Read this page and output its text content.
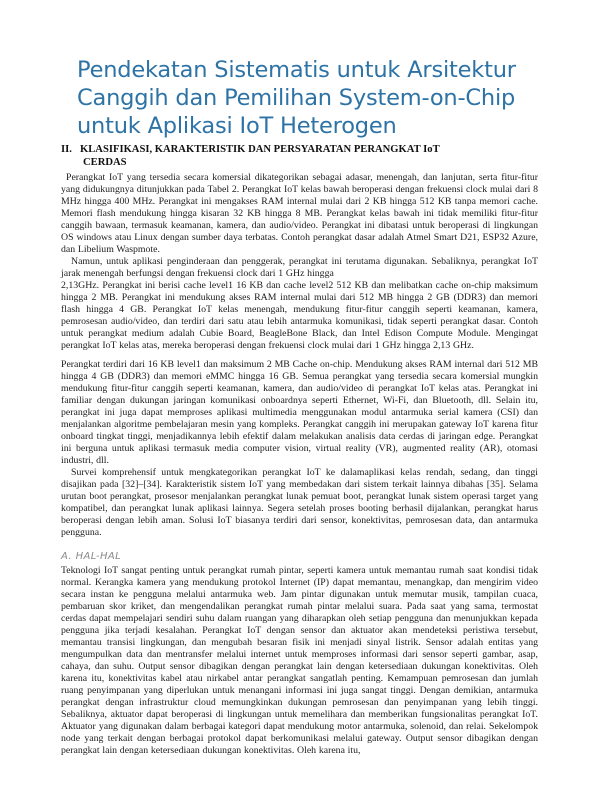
Pendekatan Sistematis untuk Arsitektur
Canggih dan Pemilihan System-on-Chip
untuk Aplikasi IoT Heterogen
II. KLASIFIKASI, KARAKTERISTIK DAN PERSYARATAN PERANGKAT IoT
CERDAS

Perangkat IoT yang tersedia secara komersial dikategorikan sebagai adasar, menengah, dan lanjutan, serta fitur-fitur yang didukungnya ditunjukkan pada Tabel 2. Perangkat IoT kelas bawah beroperasi dengan frekuensi clock mulai dari 8 MHz hingga 400 MHz. Perangkat ini mengakses RAM internal mulai dari 2 KB hingga 512 KB tanpa memori cache. Memori flash mendukung hingga kisaran 32 KB hingga 8 MB. Perangkat kelas bawah ini tidak memiliki fitur-fitur canggih bawaan, termasuk keamanan, kamera, dan audio/video. Perangkat ini dibatasi untuk beroperasi di lingkungan OS windows atau Linux dengan sumber daya terbatas. Contoh perangkat dasar adalah Atmel Smart D21, ESP32 Azure, dan Libelium Waspmote.

Namun, untuk aplikasi penginderaan dan penggerak, perangkat ini terutama digunakan. Sebaliknya, perangkat IoT jarak menengah berfungsi dengan frekuensi clock dari 1 GHz hingga

2,13GHz. Perangkat ini berisi cache level1 16 KB dan cache level2 512 KB dan melibatkan cache on-chip maksimum hingga 2 MB. Perangkat ini mendukung akses RAM internal mulai dari 512 MB hingga 2 GB (DDR3) dan memori flash hingga 4 GB. Perangkat IoT kelas menengah, mendukung fitur-fitur canggih seperti keamanan, kamera, pemrosesan audio/video, dan terdiri dari satu atau lebih antarmuka komunikasi, tidak seperti perangkat dasar. Contoh untuk perangkat medium adalah Cubie Board, BeagleBone Black, dan Intel Edison Compute Module. Mengingat perangkat IoT kelas atas, mereka beroperasi dengan frekuensi clock mulai dari 1 GHz hingga 2,13 GHz.

Perangkat terdiri dari 16 KB level1 dan maksimum 2 MB Cache on-chip. Mendukung akses RAM internal dari 512 MB hingga 4 GB (DDR3) dan memori eMMC hingga 16 GB. Semua perangkat yang tersedia secara komersial mungkin mendukung fitur-fitur canggih seperti keamanan, kamera, dan audio/video di perangkat IoT kelas atas. Perangkat ini familiar dengan dukungan jaringan komunikasi onboardnya seperti Ethernet, Wi-Fi, dan Bluetooth, dll. Selain itu, perangkat ini juga dapat memproses aplikasi multimedia menggunakan modul antarmuka serial kamera (CSI) dan menjalankan algoritme pembelajaran mesin yang kompleks. Perangkat canggih ini merupakan gateway IoT karena fitur onboard tingkat tinggi, menjadikannya lebih efektif dalam melakukan analisis data cerdas di jaringan edge. Perangkat ini berguna untuk aplikasi termasuk media computer vision, virtual reality (VR), augmented reality (AR), otomasi industri, dll.

Survei komprehensif untuk mengkategorikan perangkat IoT ke dalamaplikasi kelas rendah, sedang, dan tinggi disajikan pada [32]–[34]. Karakteristik sistem IoT yang membedakan dari sistem terkait lainnya dibahas [35]. Selama urutan boot perangkat, prosesor menjalankan perangkat lunak pemuat boot, perangkat lunak sistem operasi target yang kompatibel, dan perangkat lunak aplikasi lainnya. Segera setelah proses booting berhasil dijalankan, perangkat harus beroperasi dengan lebih aman. Solusi IoT biasanya terdiri dari sensor, konektivitas, pemrosesan data, dan antarmuka pengguna.

A. HAL-HAL

Teknologi IoT sangat penting untuk perangkat rumah pintar, seperti kamera untuk memantau rumah saat kondisi tidak normal. Kerangka kamera yang mendukung protokol Internet (IP) dapat memantau, menangkap, dan mengirim video secara instan ke pengguna melalui antarmuka web. Jam pintar digunakan untuk memutar musik, tampilan cuaca, pembaruan skor kriket, dan mengendalikan perangkat rumah pintar melalui suara. Pada saat yang sama, termostat cerdas dapat mempelajari sendiri suhu dalam ruangan yang diharapkan oleh setiap pengguna dan menunjukkan kepada pengguna jika terjadi kesalahan. Perangkat IoT dengan sensor dan aktuator akan mendeteksi peristiwa tersebut, memantau transisi lingkungan, dan mengubah besaran fisik ini menjadi sinyal listrik. Sensor adalah entitas yang mengumpulkan data dan mentransfer melalui internet untuk memproses informasi dari sensor seperti gambar, asap, cahaya, dan suhu. Output sensor dibagikan dengan perangkat lain dengan ketersediaan dukungan konektivitas. Oleh karena itu, konektivitas kabel atau nirkabel antar perangkat sangatlah penting. Kemampuan pemrosesan dan jumlah ruang penyimpanan yang diperlukan untuk menangani informasi ini juga sangat tinggi. Dengan demikian, antarmuka perangkat dengan infrastruktur cloud memungkinkan dukungan pemrosesan dan penyimpanan yang lebih tinggi. Sebaliknya, aktuator dapat beroperasi di lingkungan untuk memelihara dan memberikan fungsionalitas perangkat IoT. Aktuator yang digunakan dalam berbagai kategori dapat mendukung motor antarmuka, solenoid, dan relai. Sekelompok node yang terkait dengan berbagai protokol dapat berkomunikasi melalui gateway. Output sensor dibagikan dengan perangkat lain dengan ketersediaan dukungan konektivitas. Oleh karena itu,
